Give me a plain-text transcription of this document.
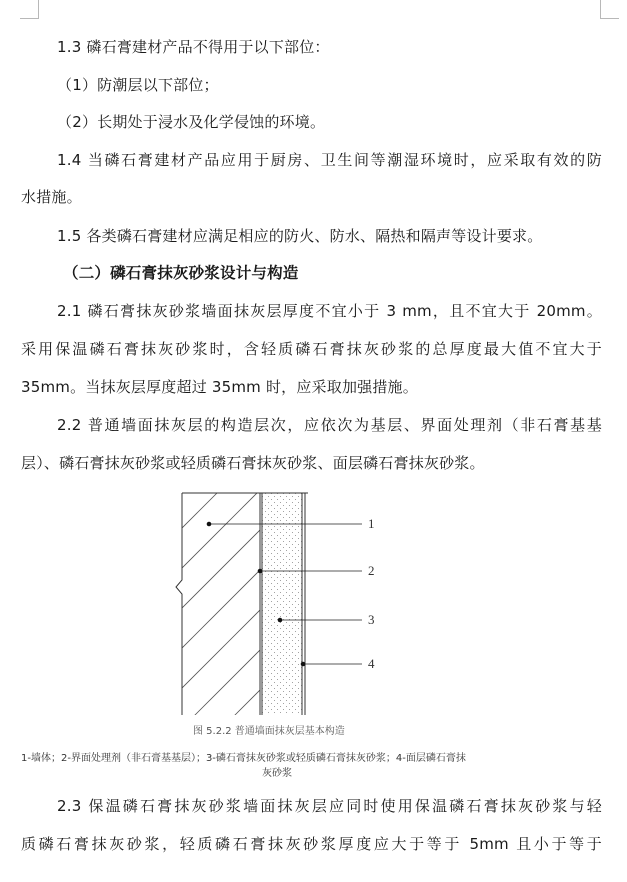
1.3 磷石膏建材产品不得用于以下部位：
（1）防潮层以下部位；
（2）长期处于浸水及化学侵蚀的环境。
1.4 当磷石膏建材产品应用于厨房、卫生间等潮湿环境时，应采取有效的防
水措施。
1.5 各类磷石膏建材应满足相应的防火、防水、隔热和隔声等设计要求。
（二）磷石膏抹灰砂浆设计与构造
2.1 磷石膏抹灰砂浆墙面抹灰层厚度不宜小于 3 mm，且不宜大于 20mm。
采用保温磷石膏抹灰砂浆时，含轻质磷石膏抹灰砂浆的总厚度最大值不宜大于
35mm。当抹灰层厚度超过 35mm 时，应采取加强措施。
2.2 普通墙面抹灰层的构造层次，应依次为基层、界面处理剂（非石膏基基
层）、磷石膏抹灰砂浆或轻质磷石膏抹灰砂浆、面层磷石膏抹灰砂浆。
1
2
3
4
图 5.2.2 普通墙面抹灰层基本构造
1-墙体；2-界面处理剂（非石膏基基层）；3-磷石膏抹灰砂浆或轻质磷石膏抹灰砂浆；4-面层磷石膏抹
灰砂浆
2.3 保温磷石膏抹灰砂浆墙面抹灰层应同时使用保温磷石膏抹灰砂浆与轻
质磷石膏抹灰砂浆，轻质磷石膏抹灰砂浆厚度应大于等于 5mm 且小于等于
